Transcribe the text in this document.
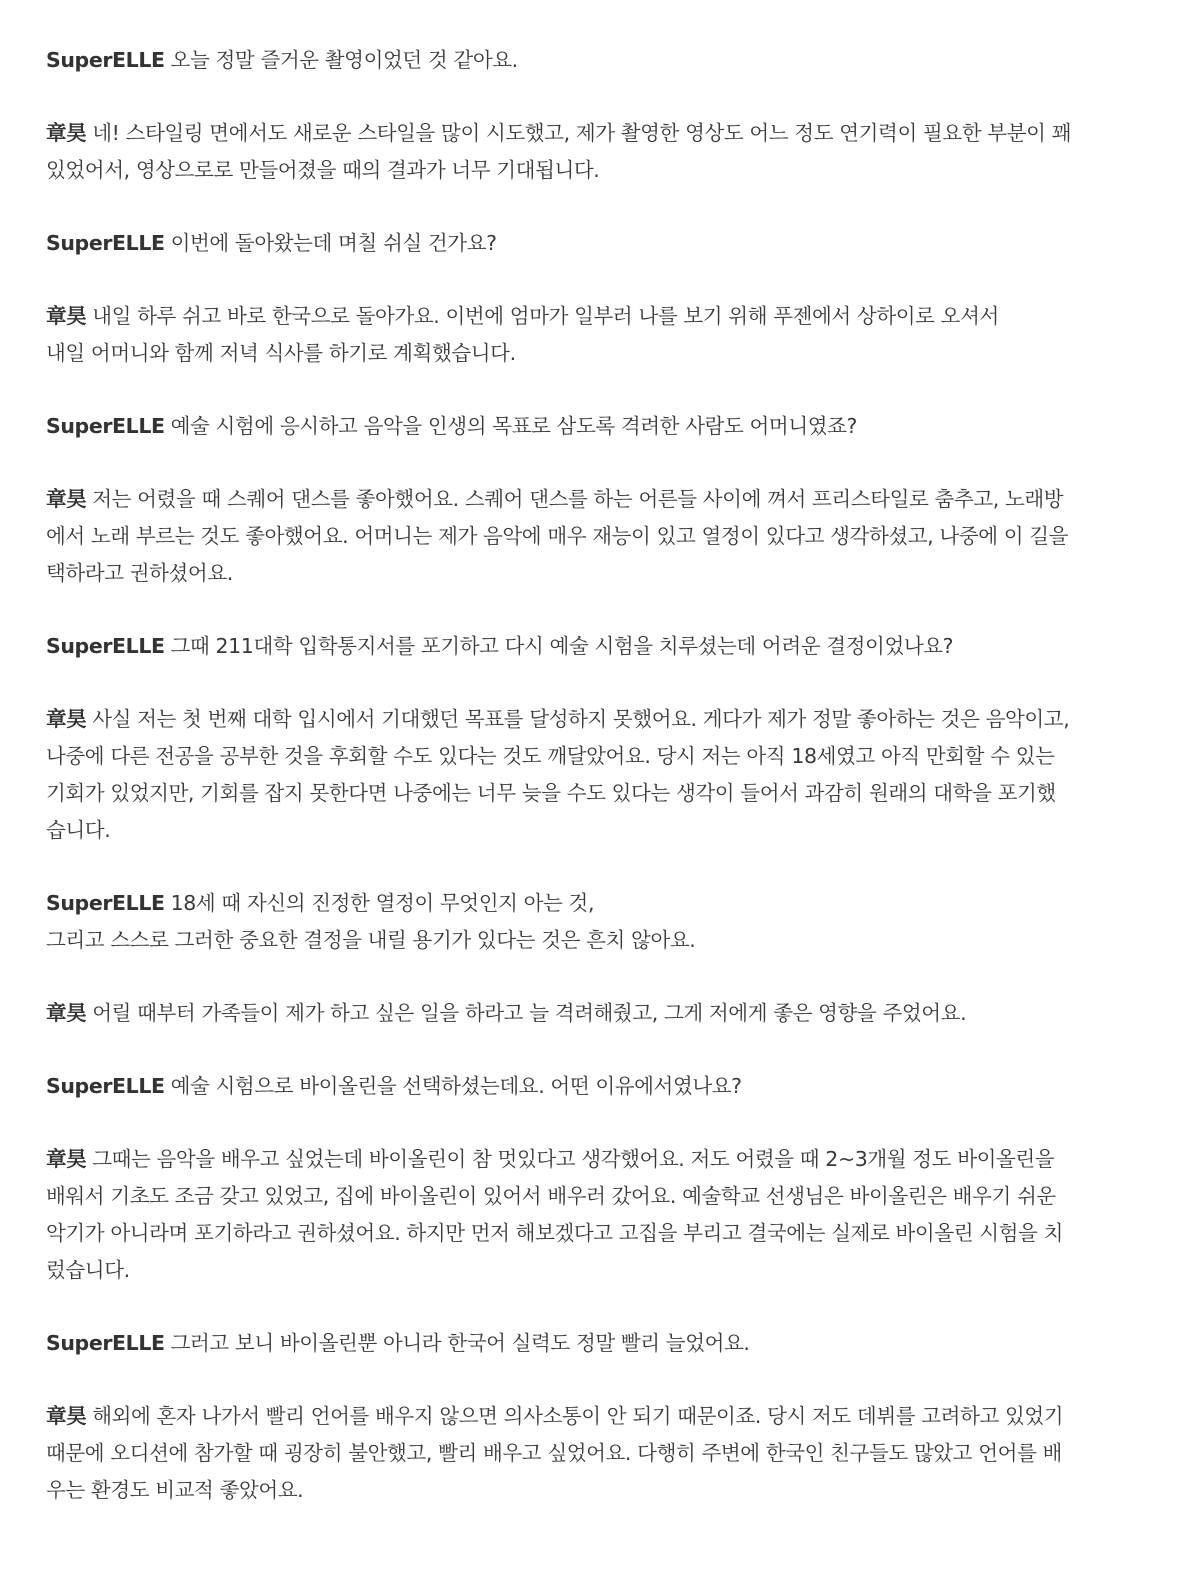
SuperELLE 오늘 정말 즐거운 촬영이었던 것 같아요.

章昊 네! 스타일링 면에서도 새로운 스타일을 많이 시도했고, 제가 촬영한 영상도 어느 정도 연기력이 필요한 부분이 꽤
있었어서, 영상으로로 만들어졌을 때의 결과가 너무 기대됩니다.

SuperELLE 이번에 돌아왔는데 며칠 쉬실 건가요?

章昊 내일 하루 쉬고 바로 한국으로 돌아가요. 이번에 엄마가 일부러 나를 보기 위해 푸젠에서 상하이로 오셔서
내일 어머니와 함께 저녁 식사를 하기로 계획했습니다.

SuperELLE 예술 시험에 응시하고 음악을 인생의 목표로 삼도록 격려한 사람도 어머니였죠?

章昊 저는 어렸을 때 스퀘어 댄스를 좋아했어요. 스퀘어 댄스를 하는 어른들 사이에 껴서 프리스타일로 춤추고, 노래방
에서 노래 부르는 것도 좋아했어요. 어머니는 제가 음악에 매우 재능이 있고 열정이 있다고 생각하셨고, 나중에 이 길을
택하라고 권하셨어요.

SuperELLE 그때 211대학 입학통지서를 포기하고 다시 예술 시험을 치루셨는데 어려운 결정이었나요?

章昊 사실 저는 첫 번째 대학 입시에서 기대했던 목표를 달성하지 못했어요. 게다가 제가 정말 좋아하는 것은 음악이고,
나중에 다른 전공을 공부한 것을 후회할 수도 있다는 것도 깨달았어요. 당시 저는 아직 18세였고 아직 만회할 수 있는
기회가 있었지만, 기회를 잡지 못한다면 나중에는 너무 늦을 수도 있다는 생각이 들어서 과감히 원래의 대학을 포기했
습니다.

SuperELLE 18세 때 자신의 진정한 열정이 무엇인지 아는 것,
그리고 스스로 그러한 중요한 결정을 내릴 용기가 있다는 것은 흔치 않아요.

章昊 어릴 때부터 가족들이 제가 하고 싶은 일을 하라고 늘 격려해줬고, 그게 저에게 좋은 영향을 주었어요.

SuperELLE 예술 시험으로 바이올린을 선택하셨는데요. 어떤 이유에서였나요?

章昊 그때는 음악을 배우고 싶었는데 바이올린이 참 멋있다고 생각했어요. 저도 어렸을 때 2~3개월 정도 바이올린을
배워서 기초도 조금 갖고 있었고, 집에 바이올린이 있어서 배우러 갔어요. 예술학교 선생님은 바이올린은 배우기 쉬운
악기가 아니라며 포기하라고 권하셨어요. 하지만 먼저 해보겠다고 고집을 부리고 결국에는 실제로 바이올린 시험을 치
렀습니다.

SuperELLE 그러고 보니 바이올린뿐 아니라 한국어 실력도 정말 빨리 늘었어요.

章昊 해외에 혼자 나가서 빨리 언어를 배우지 않으면 의사소통이 안 되기 때문이죠. 당시 저도 데뷔를 고려하고 있었기
때문에 오디션에 참가할 때 굉장히 불안했고, 빨리 배우고 싶었어요. 다행히 주변에 한국인 친구들도 많았고 언어를 배
우는 환경도 비교적 좋았어요.
